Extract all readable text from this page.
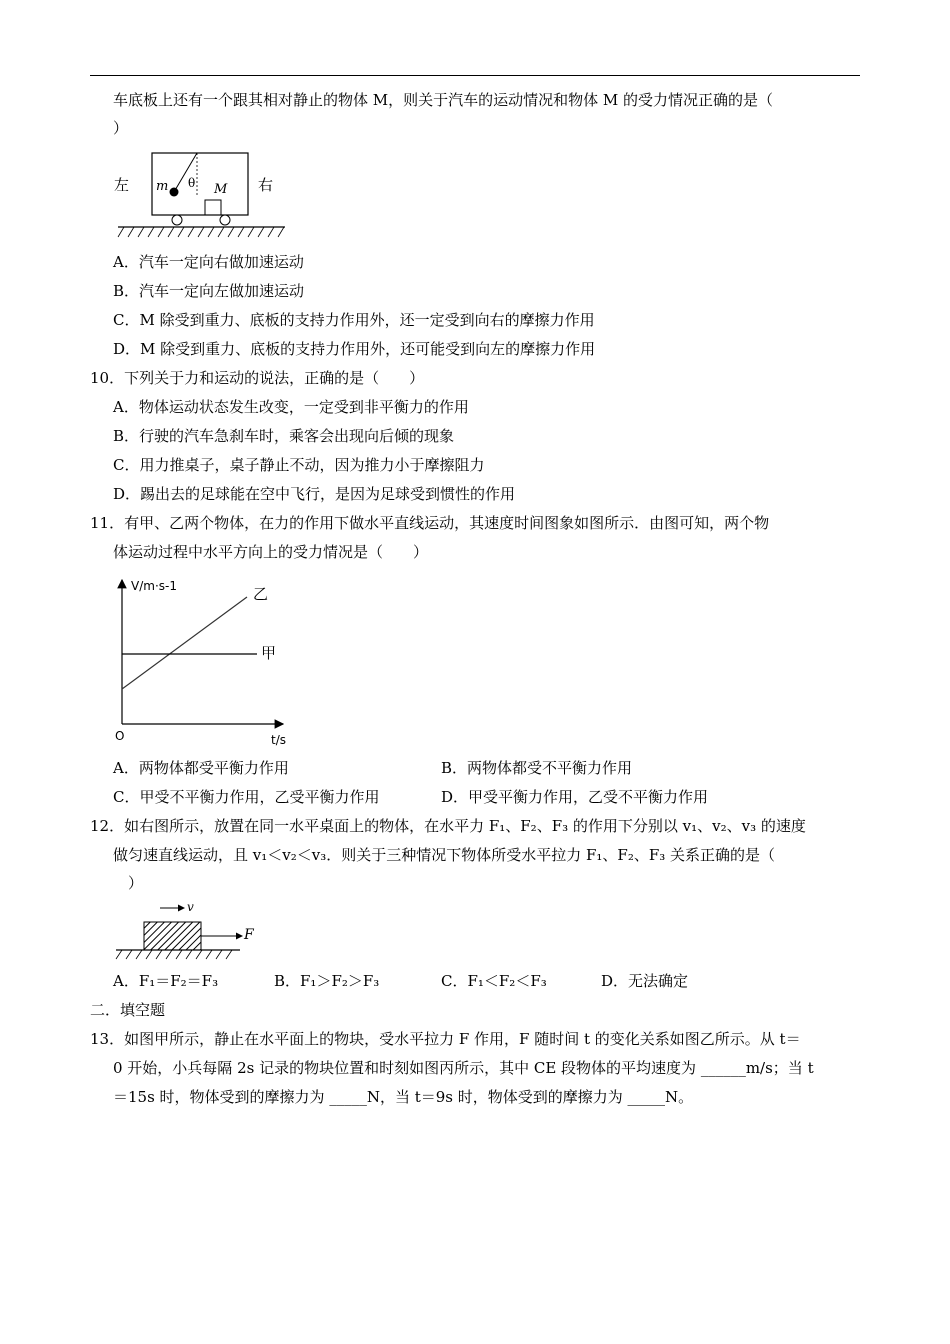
车底板上还有一个跟其相对静止的物体 M，则关于汽车的运动情况和物体 M 的受力情况正确的是（
）
左	右
m θ M
A．汽车一定向右做加速运动
B．汽车一定向左做加速运动
C．M 除受到重力、底板的支持力作用外，还一定受到向右的摩擦力作用
D．M 除受到重力、底板的支持力作用外，还可能受到向左的摩擦力作用
10．下列关于力和运动的说法，正确的是（　　）
A．物体运动状态发生改变，一定受到非平衡力的作用
B．行驶的汽车急刹车时，乘客会出现向后倾的现象
C．用力推桌子，桌子静止不动，因为推力小于摩擦阻力
D．踢出去的足球能在空中飞行，是因为足球受到惯性的作用
11．有甲、乙两个物体，在力的作用下做水平直线运动，其速度时间图象如图所示．由图可知，两个物
体运动过程中水平方向上的受力情况是（　　）
V/m·s-1
t/s
O
乙
甲
A．两物体都受平衡力作用	B．两物体都受不平衡力作用
C．甲受不平衡力作用，乙受平衡力作用	D．甲受平衡力作用，乙受不平衡力作用
12．如右图所示，放置在同一水平桌面上的物体，在水平力 F₁、F₂、F₃ 的作用下分别以 v₁、v₂、v₃ 的速度
做匀速直线运动，且 v₁＜v₂＜v₃．则关于三种情况下物体所受水平拉力 F₁、F₂、F₃ 关系正确的是（
）
v
F
A．F₁＝F₂＝F₃	B．F₁＞F₂＞F₃	C．F₁＜F₂＜F₃	D．无法确定
二．填空题
13．如图甲所示，静止在水平面上的物块，受水平拉力 F 作用，F 随时间 t 的变化关系如图乙所示。从 t＝
0 开始，小兵每隔 2s 记录的物块位置和时刻如图丙所示，其中 CE 段物体的平均速度为 ______m/s；当 t
＝15s 时，物体受到的摩擦力为 _____N，当 t＝9s 时，物体受到的摩擦力为 _____N。
